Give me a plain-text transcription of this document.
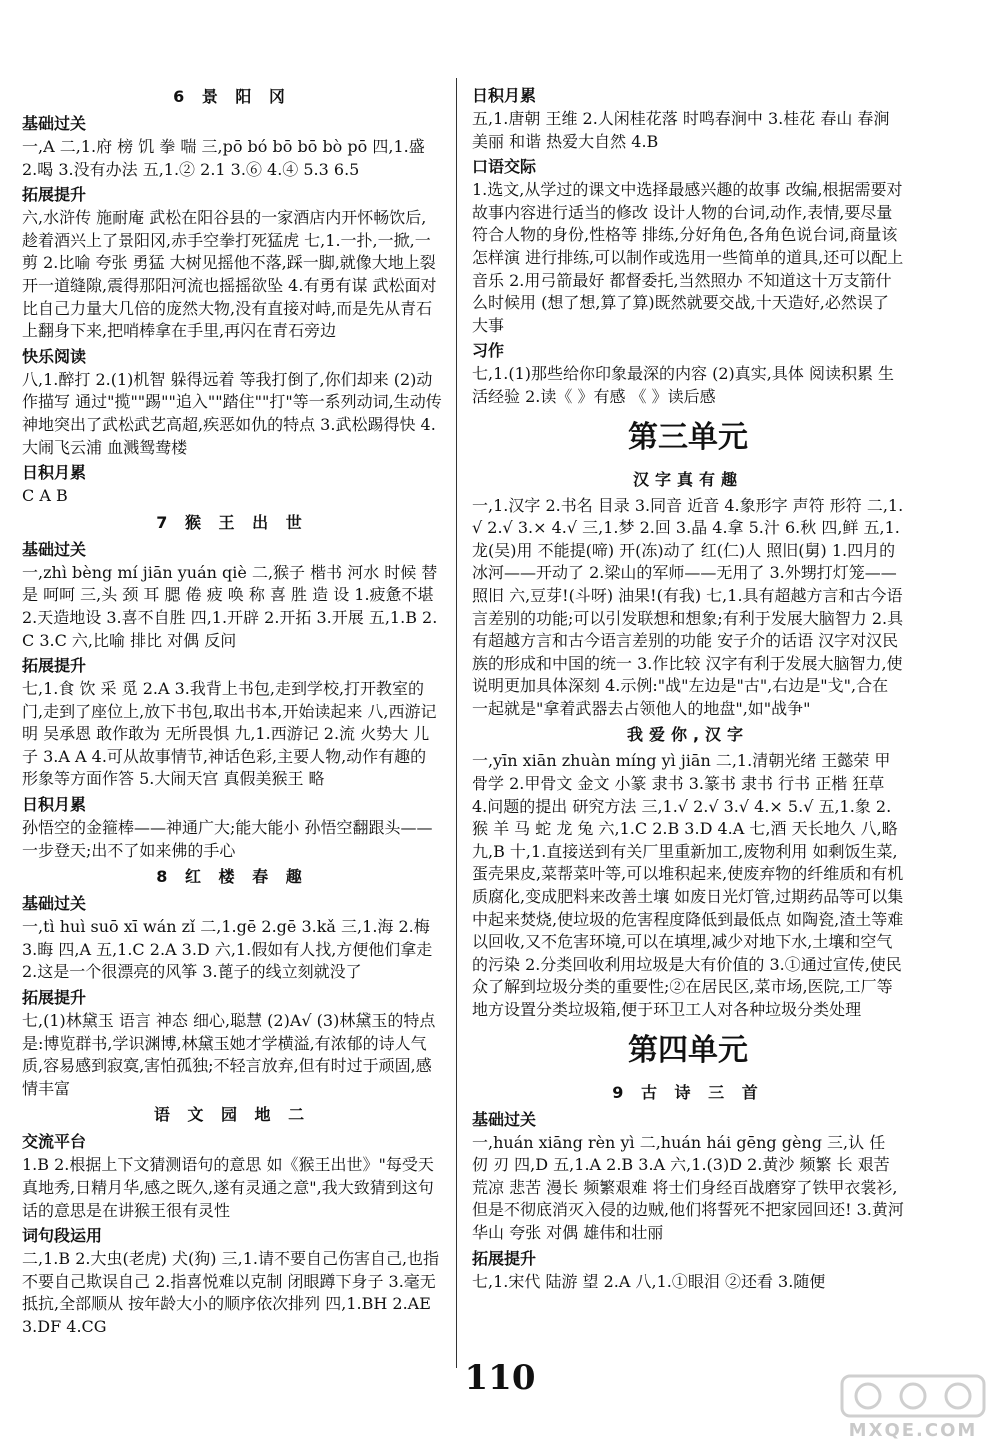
6 景 阳 冈
基础过关
一,A 二,1.府 榜 饥 拳 喘 三,pō bó bō bō bò pō 四,1.盛 2.喝 3.没有办法 五,1.② 2.1 3.⑥ 4.④ 5.3 6.5
拓展提升
六,水浒传 施耐庵 武松在阳谷县的一家酒店内开怀畅饮后,趁着酒兴上了景阳冈,赤手空拳打死猛虎 七,1.一扑,一掀,一剪 2.比喻 夸张 勇猛 大树见摇他不落,踩一脚,就像大地上裂开一道缝隙,震得那阳河流也摇摇欲坠 4.有勇有谋 武松面对比自己力量大几倍的庞然大物,没有直接对峙,而是先从青石上翻身下来,把哨棒拿在手里,再闪在青石旁边
快乐阅读
八,1.醉打 2.(1)机智 躲得远着 等我打倒了,你们却来 (2)动作描写 通过"揽""踢""追入""踏住""打"等一系列动词,生动传神地突出了武松武艺高超,疾恶如仇的特点 3.武松踢得快 4.大闹飞云浦 血溅鸳鸯楼
日积月累
C A B
7 猴 王 出 世
基础过关
一,zhì bèng mí jiān yuán qiè 二,猴子 楷书 河水 时候 替 是 呵呵 三,头 颈 耳 腮 倦 疲 唤 称 喜 胜 造 设 1.疲惫不堪 2.天造地设 3.喜不自胜 四,1.开辟 2.开拓 3.开展 五,1.B 2.C 3.C 六,比喻 排比 对偶 反问
拓展提升
七,1.食 饮 采 觅 2.A 3.我背上书包,走到学校,打开教室的门,走到了座位上,放下书包,取出书本,开始读起来 八,西游记 明 吴承恩 敢作敢为 无所畏惧 九,1.西游记 2.流 火势大 儿子 3.A A 4.可从故事情节,神话色彩,主要人物,动作有趣的形象等方面作答 5.大闹天宫 真假美猴王 略
日积月累
孙悟空的金箍棒——神通广大;能大能小 孙悟空翻跟头——一步登天;出不了如来佛的手心
8 红 楼 春 趣
基础过关
一,tì huì suō xī wán zǐ 二,1.gē 2.gē 3.kǎ 三,1.海 2.梅 3.晦 四,A 五,1.C 2.A 3.D 六,1.假如有人找,方便他们拿走 2.这是一个很漂亮的风筝 3.蓖子的线立刻就没了
拓展提升
七,(1)林黛玉 语言 神态 细心,聪慧 (2)A√ (3)林黛玉的特点是:博览群书,学识渊博,林黛玉她才学横溢,有浓郁的诗人气质,容易感到寂寞,害怕孤独;不轻言放弃,但有时过于顽固,感情丰富
语 文 园 地 二
交流平台
1.B 2.根据上下文猜测语句的意思 如《猴王出世》"每受天真地秀,日精月华,感之既久,遂有灵通之意",我大致猜到这句话的意思是在讲猴王很有灵性
词句段运用
二,1.B 2.大虫(老虎) 犬(狗) 三,1.请不要自己伤害自己,也指不要自己欺误自己 2.指喜悦难以克制 闭眼蹲下身子 3.毫无抵抗,全部顺从 按年龄大小的顺序依次排列 四,1.BH 2.AE 3.DF 4.CG
日积月累
五,1.唐朝 王维 2.人闲桂花落 时鸣春涧中 3.桂花 春山 春涧 美丽 和谐 热爱大自然 4.B
口语交际
1.选文,从学过的课文中选择最感兴趣的故事 改编,根据需要对故事内容进行适当的修改 设计人物的台词,动作,表情,要尽量符合人物的身份,性格等 排练,分好角色,各角色说台词,商量该怎样演 进行排练,可以制作或选用一些简单的道具,还可以配上音乐 2.用弓箭最好 都督委托,当然照办 不知道这十万支箭什么时候用 (想了想,算了算)既然就要交战,十天造好,必然误了大事
习作
七,1.(1)那些给你印象最深的内容 (2)真实,具体 阅读积累 生活经验 2.读《 》有感 《 》读后感
第三单元
汉字真有趣
一,1.汉字 2.书名 目录 3.同音 近音 4.象形字 声符 形符 二,1.√ 2.√ 3.× 4.√ 三,1.梦 2.回 3.晶 4.拿 5.汁 6.秋 四,鲜 五,1.龙(吴)用 不能提(啼) 开(冻)动了 红(仁)人 照旧(舅) 1.四月的冰河——开动了 2.梁山的军师——无用了 3.外甥打灯笼——照旧 六,豆芽!(斗呀) 油果!(有我) 七,1.具有超越方言和古今语言差别的功能;可以引发联想和想象;有利于发展大脑智力 2.具有超越方言和古今语言差别的功能 安子介的话语 汉字对汉民族的形成和中国的统一 3.作比较 汉字有利于发展大脑智力,使说明更加具体深刻 4.示例:"战"左边是"古",右边是"戈",合在一起就是"拿着武器去占领他人的地盘",如"战争"
我爱你,汉字
一,yīn xiān zhuàn míng yì jiān 二,1.清朝光绪 王懿荣 甲骨学 2.甲骨文 金文 小篆 隶书 3.篆书 隶书 行书 正楷 狂草 4.问题的提出 研究方法 三,1.√ 2.√ 3.√ 4.× 5.√ 五,1.象 2.猴 羊 马 蛇 龙 兔 六,1.C 2.B 3.D 4.A 七,酒 天长地久 八,略 九,B 十,1.直接送到有关厂里重新加工,废物利用 如剩饭生菜,蛋壳果皮,菜帮菜叶等,可以堆积起来,使废弃物的纤维质和有机质腐化,变成肥料来改善土壤 如废日光灯管,过期药品等可以集中起来焚烧,使垃圾的危害程度降低到最低点 如陶瓷,渣土等难以回收,又不危害环境,可以在填埋,减少对地下水,土壤和空气的污染 2.分类回收利用垃圾是大有价值的 3.①通过宣传,使民众了解到垃圾分类的重要性;②在居民区,菜市场,医院,工厂等地方设置分类垃圾箱,便于环卫工人对各种垃圾分类处理
第四单元
9 古 诗 三 首
基础过关
一,huán xiāng rèn yì 二,huán hái gēng gèng 三,认 任 仞 刃 四,D 五,1.A 2.B 3.A 六,1.(3)D 2.黄沙 频繁 长 艰苦 荒凉 悲苦 漫长 频繁艰难 将士们身经百战磨穿了铁甲衣裳衫,但是不彻底消灭入侵的边贼,他们将誓死不把家园回还! 3.黄河 华山 夸张 对偶 雄伟和壮丽
拓展提升
七,1.宋代 陆游 望 2.A 八,1.①眼泪 ②还看 3.随便
110
MXQE.COM
